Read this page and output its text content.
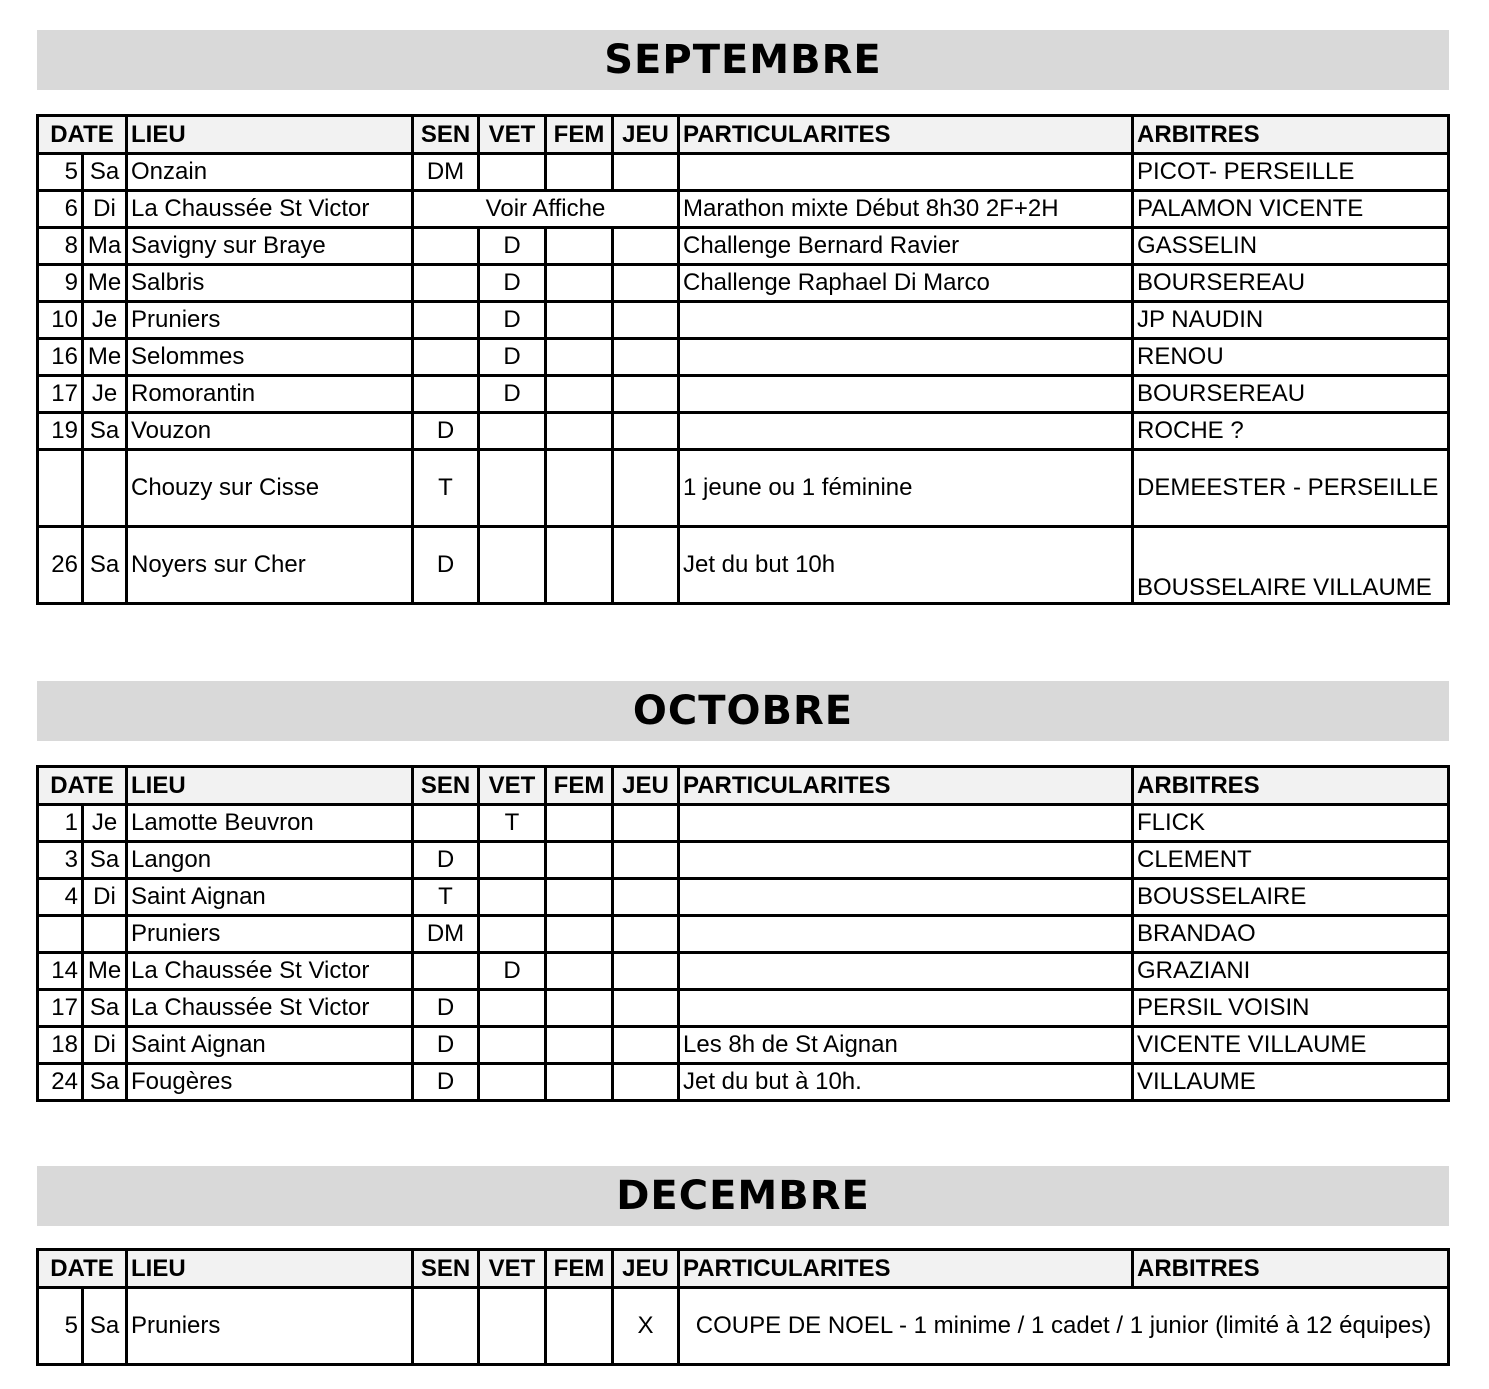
SEPTEMBRE
DATE		LIEU	SEN	VET	FEM	JEU	PARTICULARITES	ARBITRES
5	Sa	Onzain	DM					PICOT- PERSEILLE
6	Di	La Chaussée St Victor	Voir Affiche				Marathon mixte Début 8h30 2F+2H	PALAMON VICENTE
8	Ma	Savigny sur Braye		D			Challenge Bernard Ravier	GASSELIN
9	Me	Salbris		D			Challenge Raphael Di Marco	BOURSEREAU
10	Je	Pruniers		D				JP NAUDIN
16	Me	Selommes		D				RENOU
17	Je	Romorantin		D				BOURSEREAU
19	Sa	Vouzon	D					ROCHE ?
		Chouzy sur Cisse	T				1 jeune ou 1 féminine	DEMEESTER - PERSEILLE
26	Sa	Noyers sur Cher	D				Jet du but 10h	BOUSSELAIRE VILLAUME
OCTOBRE
DATE		LIEU	SEN	VET	FEM	JEU	PARTICULARITES	ARBITRES
1	Je	Lamotte Beuvron		T				FLICK
3	Sa	Langon	D					CLEMENT
4	Di	Saint Aignan	T					BOUSSELAIRE
		Pruniers	DM					BRANDAO
14	Me	La Chaussée St Victor		D				GRAZIANI
17	Sa	La Chaussée St Victor	D					PERSIL VOISIN
18	Di	Saint Aignan	D				Les 8h de St Aignan	VICENTE VILLAUME
24	Sa	Fougères	D				Jet du but à 10h.	VILLAUME
DECEMBRE
DATE		LIEU	SEN	VET	FEM	JEU	PARTICULARITES	ARBITRES
5	Sa	Pruniers				X	COUPE DE NOEL - 1 minime / 1 cadet / 1 junior (limité à 12 équipes)	
